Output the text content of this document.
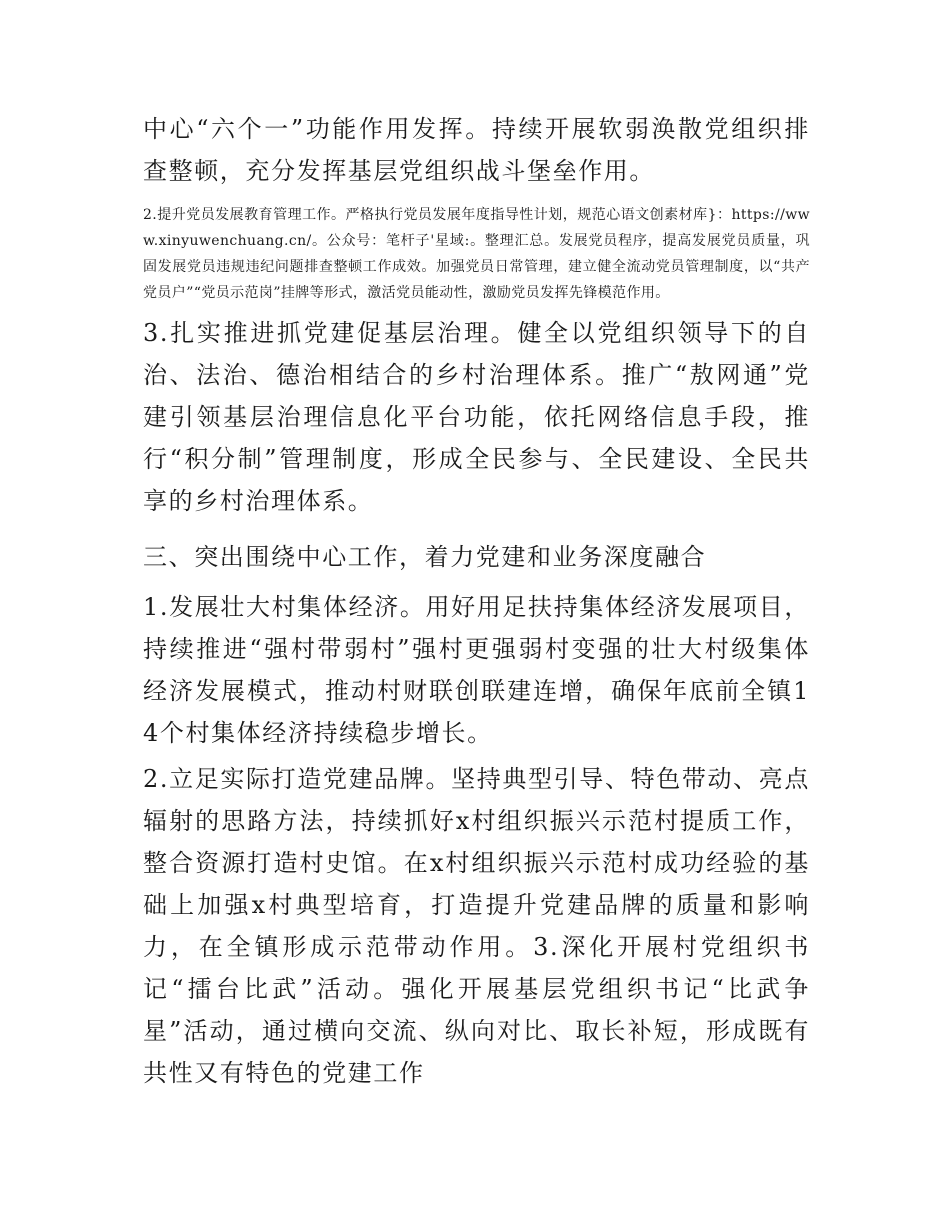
中心“六个一”功能作用发挥。持续开展软弱涣散党组织排查整顿，充分发挥基层党组织战斗堡垒作用。

2.提升党员发展教育管理工作。严格执行党员发展年度指导性计划，规范心语文创素材库}：https://www.xinyuwenchuang.cn/。公众号：笔杆子'星域:。整理汇总。发展党员程序，提高发展党员质量，巩固发展党员违规违纪问题排查整顿工作成效。加强党员日常管理，建立健全流动党员管理制度，以“共产党员户”“党员示范岗”挂牌等形式，激活党员能动性，激励党员发挥先锋模范作用。

3.扎实推进抓党建促基层治理。健全以党组织领导下的自治、法治、德治相结合的乡村治理体系。推广“敖网通”党建引领基层治理信息化平台功能，依托网络信息手段，推行“积分制”管理制度，形成全民参与、全民建设、全民共享的乡村治理体系。

三、突出围绕中心工作，着力党建和业务深度融合

1.发展壮大村集体经济。用好用足扶持集体经济发展项目，持续推进“强村带弱村”强村更强弱村变强的壮大村级集体经济发展模式，推动村财联创联建连增，确保年底前全镇14个村集体经济持续稳步增长。

2.立足实际打造党建品牌。坚持典型引导、特色带动、亮点辐射的思路方法，持续抓好x村组织振兴示范村提质工作，整合资源打造村史馆。在x村组织振兴示范村成功经验的基础上加强x村典型培育，打造提升党建品牌的质量和影响力，在全镇形成示范带动作用。3.深化开展村党组织书记“擂台比武”活动。强化开展基层党组织书记“比武争星”活动，通过横向交流、纵向对比、取长补短，形成既有共性又有特色的党建工作
